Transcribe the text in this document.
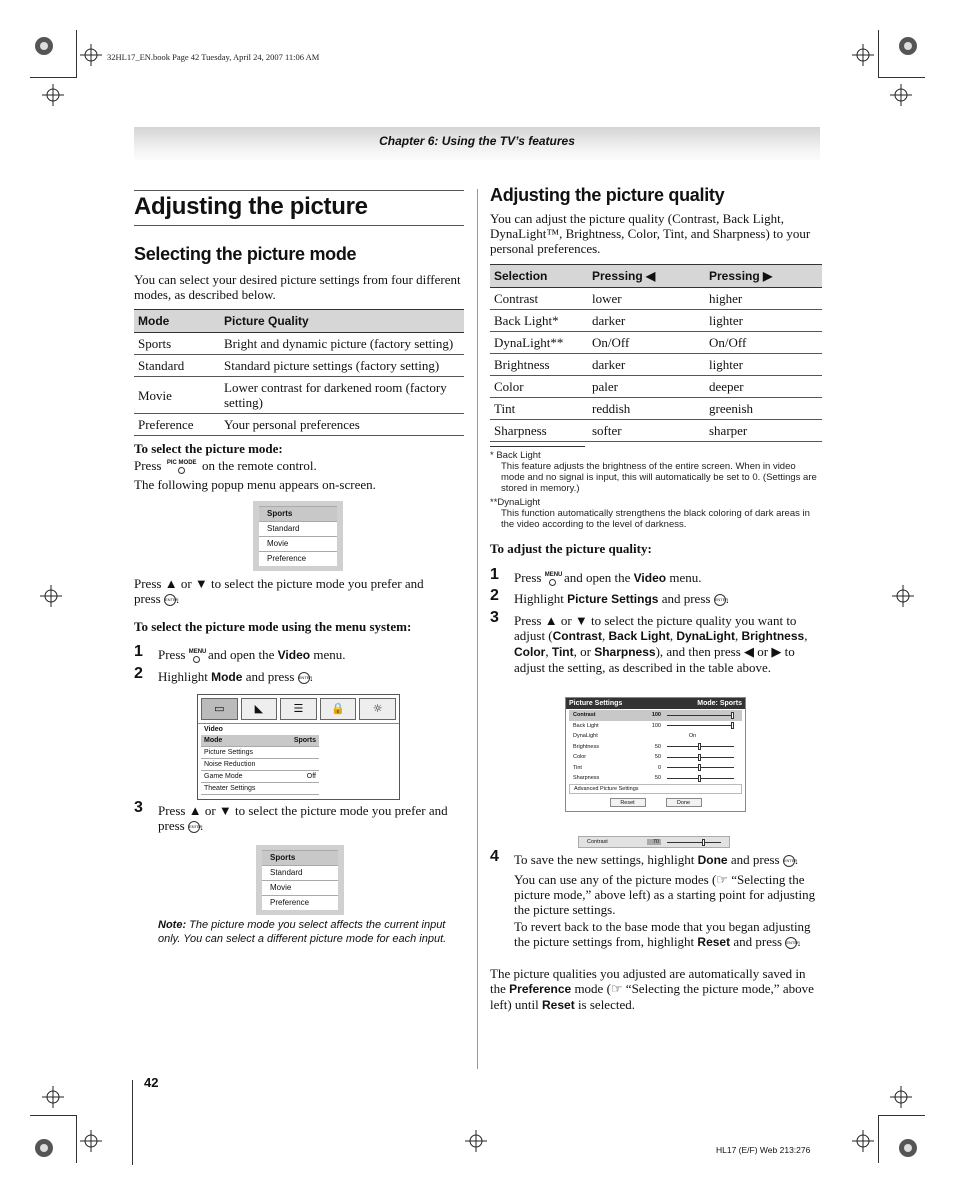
32HL17_EN.book Page 42 Tuesday, April 24, 2007 11:06 AM
Chapter 6: Using the TV’s features
Adjusting the picture
Selecting the picture mode
You can select your desired picture settings from four different modes, as described below.
Mode	Picture Quality
Sports	Bright and dynamic picture (factory setting)
Standard	Standard picture settings (factory setting)
Movie	Lower contrast for darkened room (factory setting)
Preference	Your personal preferences
To select the picture mode:
Press PIC MODE on the remote control.
The following popup menu appears on-screen.
Sports
Standard
Movie
Preference
Press ▲ or ▼ to select the picture mode you prefer and press ENTER.
To select the picture mode using the menu system:
1 Press MENU and open the Video menu.
2 Highlight Mode and press ENTER.
▭	◣	☰	🔒	☼
Video
Mode	Sports
Picture Settings
Noise Reduction
Game Mode	Off
Theater Settings
3 Press ▲ or ▼ to select the picture mode you prefer and press ENTER.
Sports
Standard
Movie
Preference
Note: The picture mode you select affects the current input only. You can select a different picture mode for each input.
Adjusting the picture quality
You can adjust the picture quality (Contrast, Back Light, DynaLight™, Brightness, Color, Tint, and Sharpness) to your personal preferences.
Selection	Pressing ◀	Pressing ▶
Contrast	lower	higher
Back Light*	darker	lighter
DynaLight**	On/Off	On/Off
Brightness	darker	lighter
Color	paler	deeper
Tint	reddish	greenish
Sharpness	softer	sharper
* Back Light
This feature adjusts the brightness of the entire screen. When in video mode and no signal is input, this will automatically be set to 0. (Settings are stored in memory.)
**DynaLight
This function automatically strengthens the black coloring of dark areas in the video according to the level of darkness.
To adjust the picture quality:
1 Press MENU and open the Video menu.
2 Highlight Picture Settings and press ENTER.
3 Press ▲ or ▼ to select the picture quality you want to adjust (Contrast, Back Light, DynaLight, Brightness, Color, Tint, or Sharpness), and then press ◀ or ▶ to adjust the setting, as described in the table above.
Picture Settings	Mode: Sports
Contrast	100
Back Light	100
DynaLight	On
Brightness	50
Color	50
Tint	0
Sharpness	50
Advanced Picture Settings
Reset	Done
Contrast	70
4 To save the new settings, highlight Done and press ENTER.
You can use any of the picture modes (☞ “Selecting the picture mode,” above left) as a starting point for adjusting the picture settings.
To revert back to the base mode that you began adjusting the picture settings from, highlight Reset and press ENTER.
The picture qualities you adjusted are automatically saved in the Preference mode (☞ “Selecting the picture mode,” above left) until Reset is selected.
42
HL17 (E/F) Web 213:276
